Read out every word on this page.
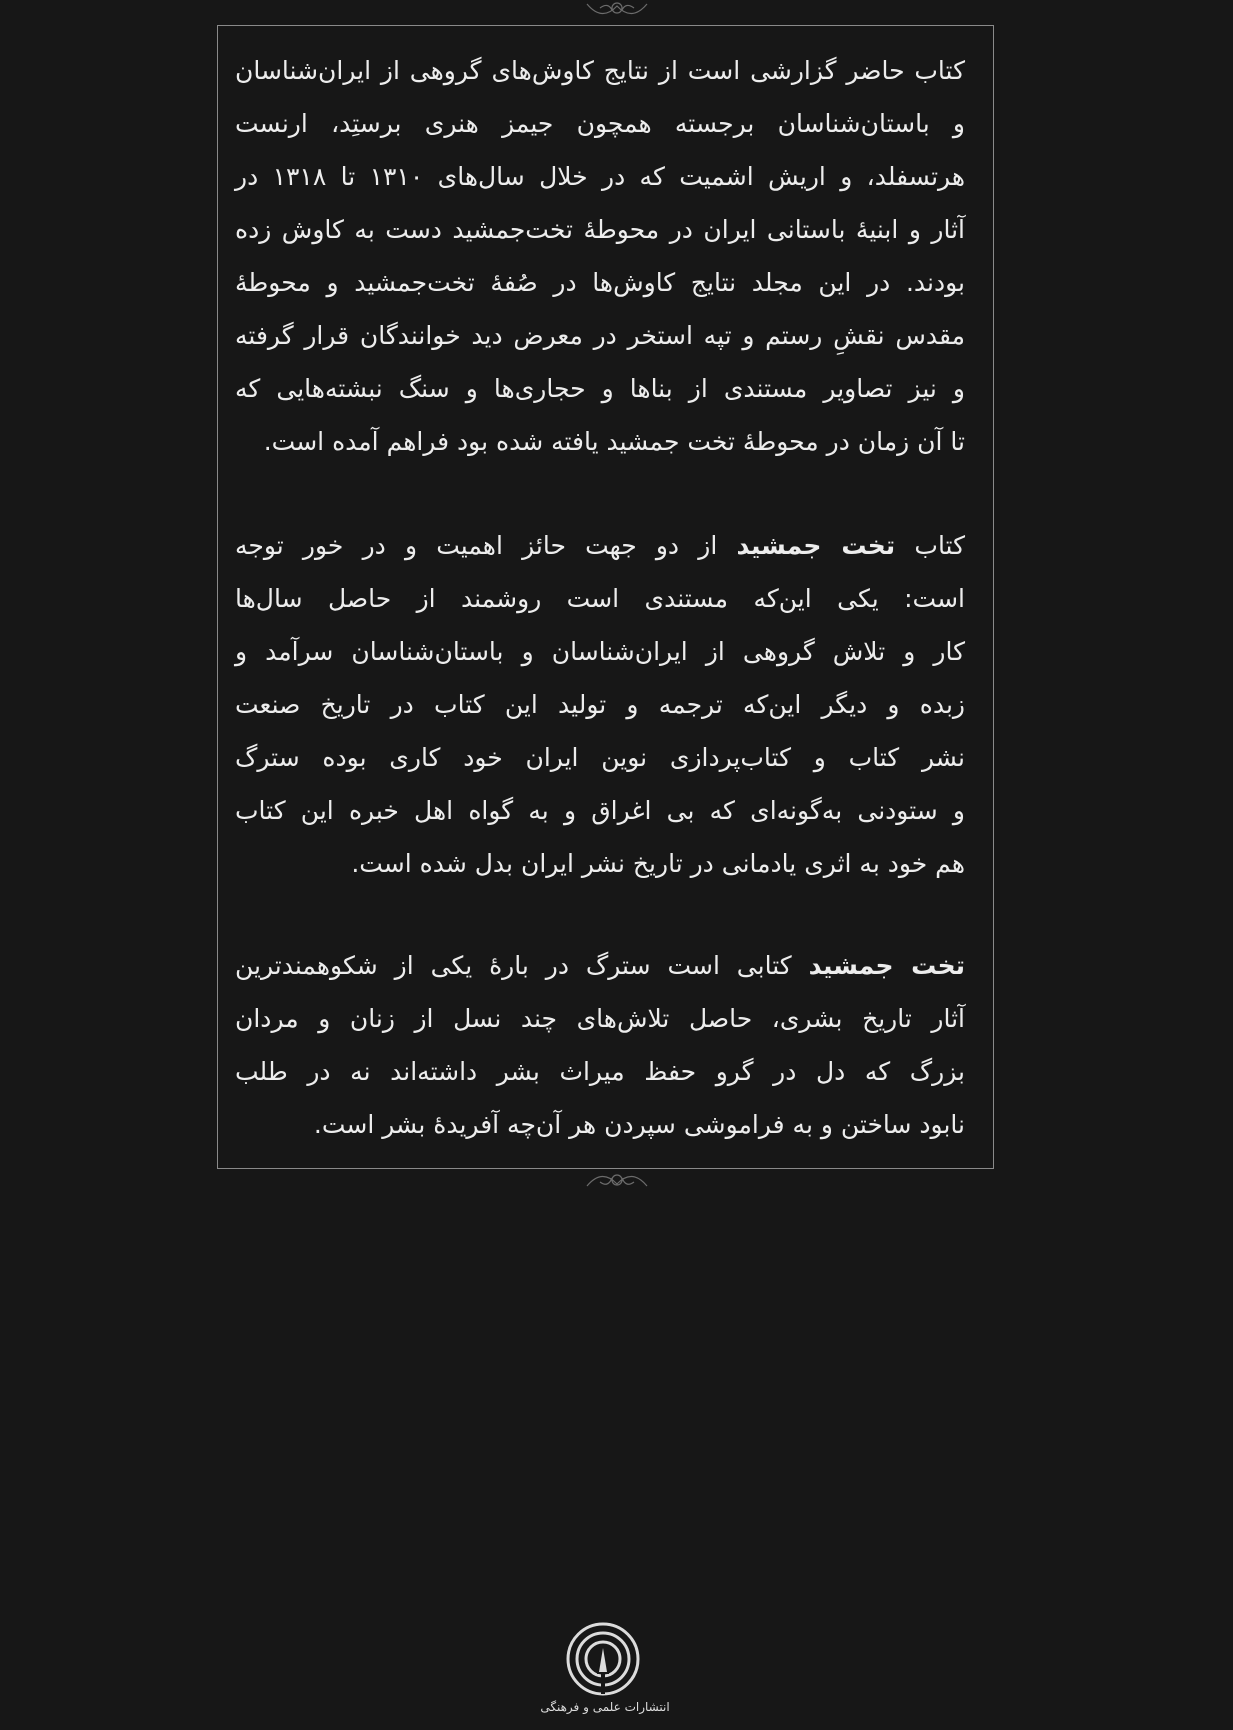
کتاب حاضر گزارشی است از نتایج کاوش‌های گروهی از ایران‌شناسان
و باستان‌شناسان برجسته همچون جیمز هنری برستِد، ارنست
هرتسفلد، و اریش اشمیت که در خلال سال‌های ۱۳۱۰ تا ۱۳۱۸ در
آثار و ابنیهٔ باستانی ایران در محوطهٔ تخت‌جمشید دست به کاوش زده
بودند. در این مجلد نتایج کاوش‌ها در صُفهٔ تخت‌جمشید و محوطهٔ
مقدس نقشِ رستم و تپه استخر در معرض دید خوانندگان قرار گرفته
و نیز تصاویر مستندی از بناها و حجاری‌ها و سنگ نبشته‌هایی که
تا آن زمان در محوطهٔ تخت جمشید یافته شده بود فراهم آمده است.
کتاب تخت جمشید از دو جهت حائز اهمیت و در خور توجه
است: یکی این‌که مستندی است روشمند از حاصل سال‌ها
کار و تلاش گروهی از ایران‌شناسان و باستان‌شناسان سرآمد و
زبده و دیگر این‌که ترجمه و تولید این کتاب در تاریخ صنعت
نشر کتاب و کتاب‌پردازی نوین ایران خود کاری بوده سترگ
و ستودنی به‌گونه‌ای که بی اغراق و به گواه اهل خبره این کتاب
هم خود به اثری یادمانی در تاریخ نشر ایران بدل شده است.
تخت جمشید کتابی است سترگ در بارهٔ یکی از شکوهمندترین
آثار تاریخ بشری، حاصل تلاش‌های چند نسل از زنان و مردان
بزرگ که دل در گرو حفظ میراث بشر داشته‌اند نه در طلب
نابود ساختن و به فراموشی سپردن هر آن‌چه آفریدهٔ بشر است.
انتشارات علمی و فرهنگی
